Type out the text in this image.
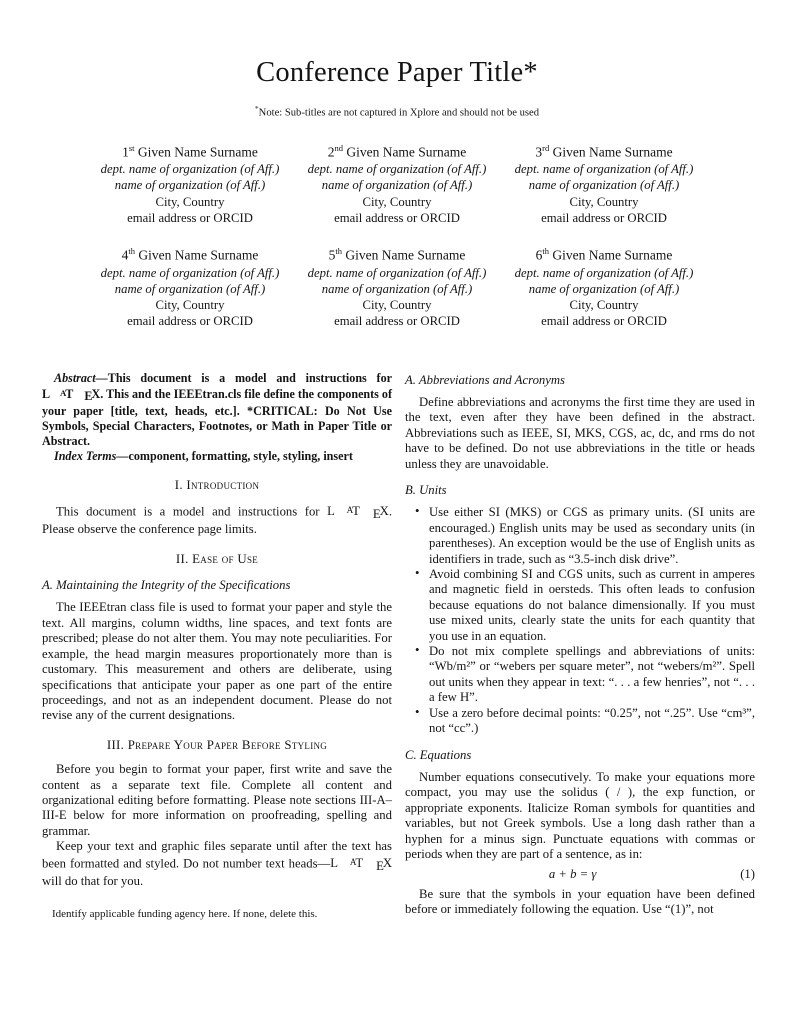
Conference Paper Title*
*Note: Sub-titles are not captured in Xplore and should not be used
1st Given Name Surname
dept. name of organization (of Aff.)
name of organization (of Aff.)
City, Country
email address or ORCID
2nd Given Name Surname
dept. name of organization (of Aff.)
name of organization (of Aff.)
City, Country
email address or ORCID
3rd Given Name Surname
dept. name of organization (of Aff.)
name of organization (of Aff.)
City, Country
email address or ORCID
4th Given Name Surname
dept. name of organization (of Aff.)
name of organization (of Aff.)
City, Country
email address or ORCID
5th Given Name Surname
dept. name of organization (of Aff.)
name of organization (of Aff.)
City, Country
email address or ORCID
6th Given Name Surname
dept. name of organization (of Aff.)
name of organization (of Aff.)
City, Country
email address or ORCID

Abstract—This document is a model and instructions for L AT EX. This and the IEEEtran.cls file define the components of your paper [title, text, heads, etc.]. *CRITICAL: Do Not Use Symbols, Special Characters, Footnotes, or Math in Paper Title or Abstract.

Index Terms—component, formatting, style, styling, insert

I. Introduction

This document is a model and instructions for L AT EX. Please observe the conference page limits.

II. Ease of Use
A. Maintaining the Integrity of the Specifications

The IEEEtran class file is used to format your paper and style the text. All margins, column widths, line spaces, and text fonts are prescribed; please do not alter them. You may note peculiarities. For example, the head margin measures proportionately more than is customary. This measurement and others are deliberate, using specifications that anticipate your paper as one part of the entire proceedings, and not as an independent document. Please do not revise any of the current designations.

III. Prepare Your Paper Before Styling

Before you begin to format your paper, first write and save the content as a separate text file. Complete all content and organizational editing before formatting. Please note sections III-A–III-E below for more information on proofreading, spelling and grammar.

Keep your text and graphic files separate until after the text has been formatted and styled. Do not number text heads—L AT EX will do that for you.

Identify applicable funding agency here. If none, delete this.
A. Abbreviations and Acronyms

Define abbreviations and acronyms the first time they are used in the text, even after they have been defined in the abstract. Abbreviations such as IEEE, SI, MKS, CGS, ac, dc, and rms do not have to be defined. Do not use abbreviations in the title or heads unless they are unavoidable.

B. Units
• Use either SI (MKS) or CGS as primary units. (SI units are encouraged.) English units may be used as secondary units (in parentheses). An exception would be the use of English units as identifiers in trade, such as “3.5-inch disk drive”.
• Avoid combining SI and CGS units, such as current in amperes and magnetic field in oersteds. This often leads to confusion because equations do not balance dimensionally. If you must use mixed units, clearly state the units for each quantity that you use in an equation.
• Do not mix complete spellings and abbreviations of units: “Wb/m²” or “webers per square meter”, not “webers/m²”. Spell out units when they appear in text: “. . . a few henries”, not “. . . a few H”.
• Use a zero before decimal points: “0.25”, not “.25”. Use “cm³”, not “cc”.)
C. Equations

Number equations consecutively. To make your equations more compact, you may use the solidus ( / ), the exp function, or appropriate exponents. Italicize Roman symbols for quantities and variables, but not Greek symbols. Use a long dash rather than a hyphen for a minus sign. Punctuate equations with commas or periods when they are part of a sentence, as in:

a + b = γ	(1)

Be sure that the symbols in your equation have been defined before or immediately following the equation. Use “(1)”, not
